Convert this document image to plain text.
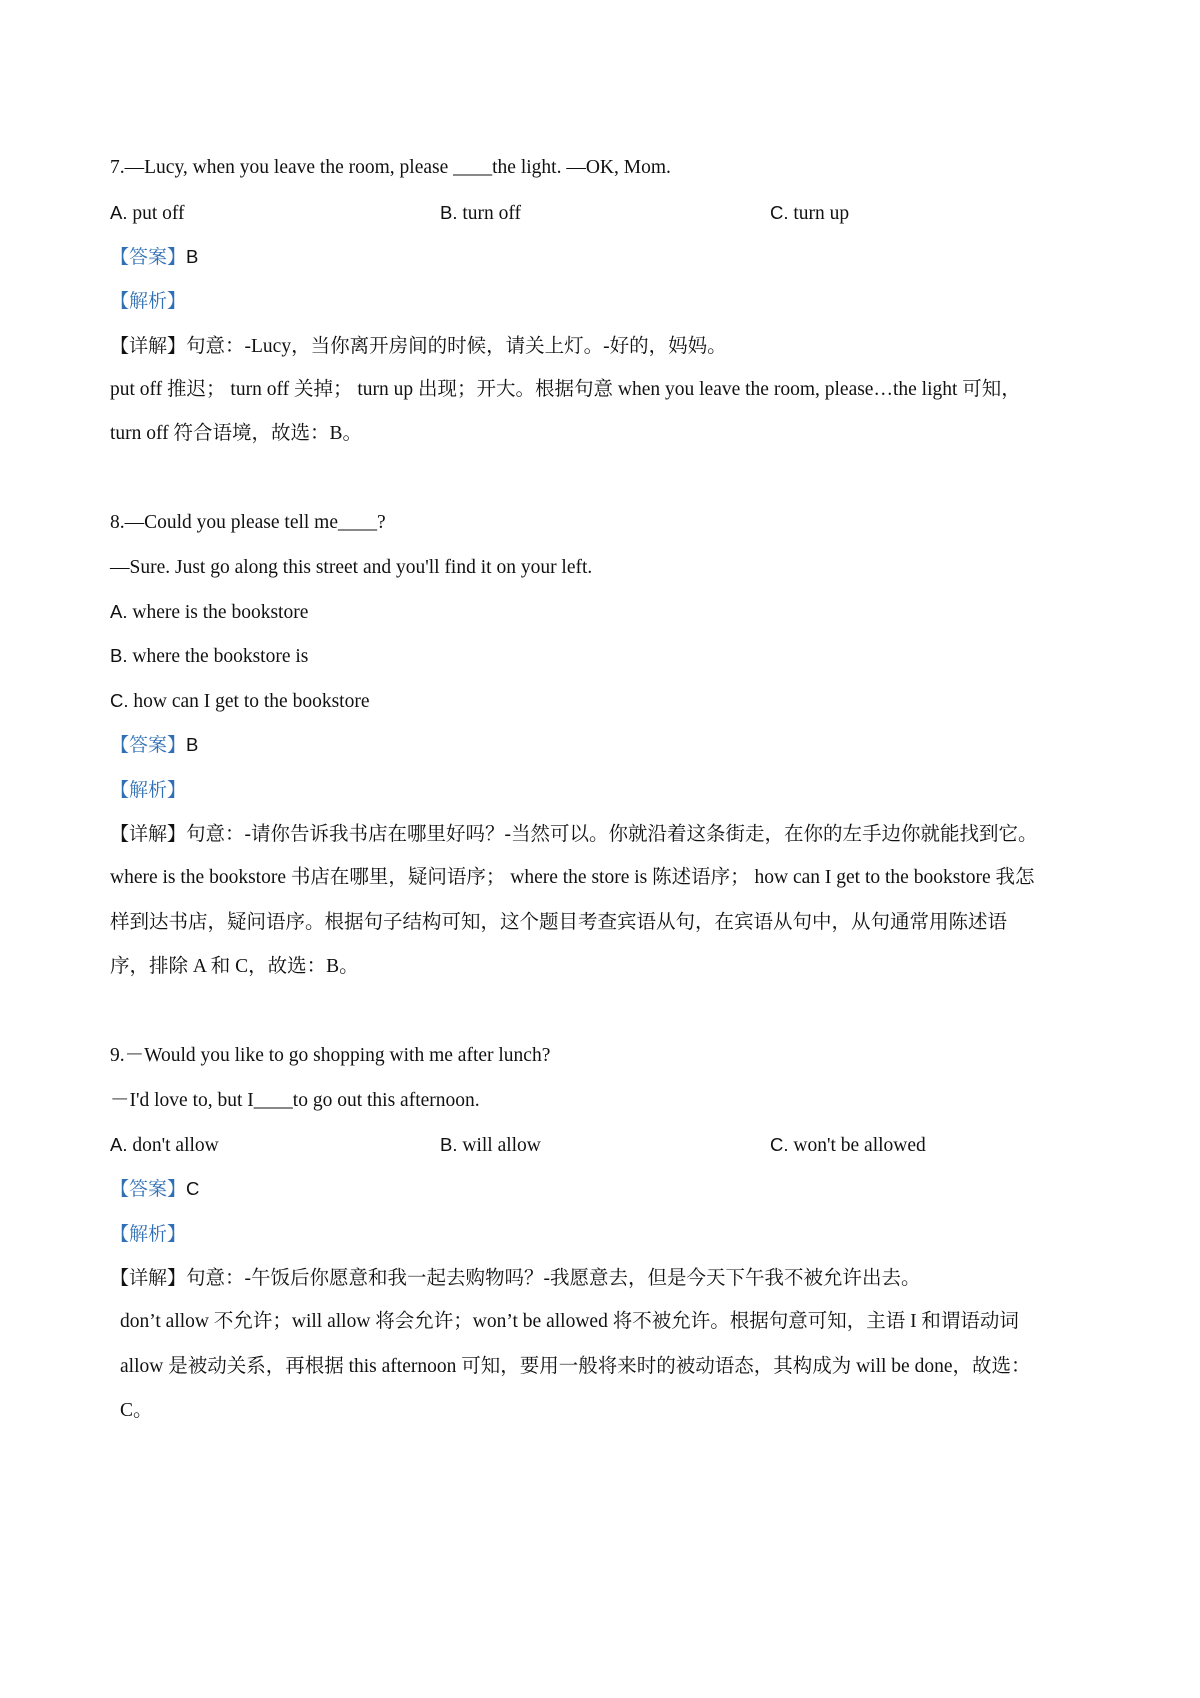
7.—Lucy, when you leave the room, please ____the light. —OK, Mom.
A. put off	B. turn off	C. turn up
【答案】B
【解析】
【详解】句意：-Lucy，当你离开房间的时候，请关上灯。-好的，妈妈。
put off 推迟； turn off 关掉； turn up 出现；开大。根据句意 when you leave the room, please…the light 可知，
turn off 符合语境，故选：B。
8.—Could you please tell me____?
—Sure. Just go along this street and you'll find it on your left.
A. where is the bookstore
B. where the bookstore is
C. how can I get to the bookstore
【答案】B
【解析】
【详解】句意：-请你告诉我书店在哪里好吗？-当然可以。你就沿着这条街走，在你的左手边你就能找到它。
where is the bookstore 书店在哪里，疑问语序； where the store is 陈述语序； how can I get to the bookstore 我怎
样到达书店，疑问语序。根据句子结构可知，这个题目考查宾语从句，在宾语从句中，从句通常用陈述语
序，排除 A 和 C，故选：B。
9.－Would you like to go shopping with me after lunch?
－I'd love to, but I____to go out this afternoon.
A. don't allow	B. will allow	C. won't be allowed
【答案】C
【解析】
【详解】句意：-午饭后你愿意和我一起去购物吗？-我愿意去，但是今天下午我不被允许出去。
don’t allow 不允许；will allow 将会允许；won’t be allowed 将不被允许。根据句意可知，主语 I 和谓语动词
allow 是被动关系，再根据 this afternoon 可知，要用一般将来时的被动语态，其构成为 will be done，故选：
C。
